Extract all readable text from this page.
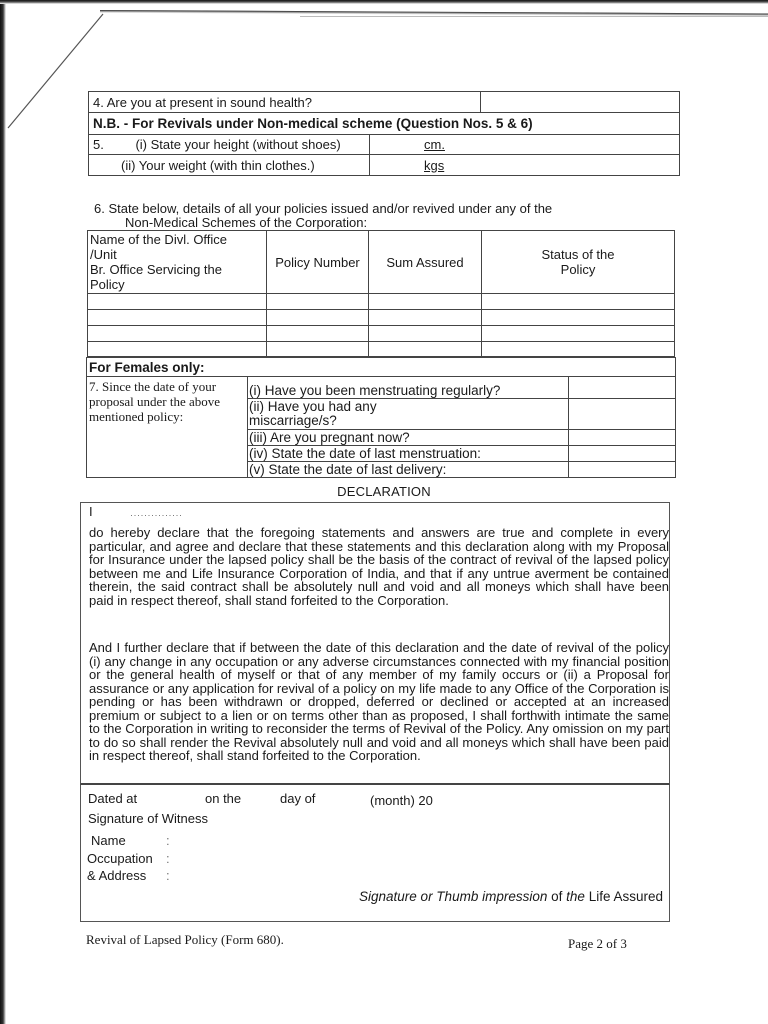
4. Are you at present in sound health?		
N.B. - For Revivals under Non-medical scheme (Question Nos. 5 & 6)		
5. (i) State your height (without shoes)	cm.	
(ii) Your weight (with thin clothes.)	kgs	
6. State below, details of all your policies issued and/or revived under any of the
Non-Medical Schemes of the Corporation:
Name of the Divl. Office
/Unit
Br. Office Servicing the
Policy
	Policy Number	Sum Assured	Status of the
Policy

For Females only:		

7. Since the date of your
proposal under the above
mentioned policy:	(i) Have you been menstruating regularly?	

	(ii) Have you had any
miscarriage/s?	

	(iii) Are you pregnant now?	
	(iv) State the date of last menstruation:	
	(v) State the date of last delivery:	
DECLARATION
I	...............
do hereby declare that the foregoing statements and answers are true and complete in every particular, and agree and declare that these statements and this declaration along with my Proposal for Insurance under the lapsed policy shall be the basis of the contract of revival of the lapsed policy between me and Life Insurance Corporation of India, and that if any untrue averment be contained therein, the said contract shall be absolutely null and void and all moneys which shall have been paid in respect thereof, shall stand forfeited to the Corporation.
And I further declare that if between the date of this declaration and the date of revival of the policy (i) any change in any occupation or any adverse circumstances connected with my financial position or the general health of myself or that of any member of my family occurs or (ii) a Proposal for assurance or any application for revival of a policy on my life made to any Office of the Corporation is pending or has been withdrawn or dropped, deferred or declined or accepted at an increased premium or subject to a lien or on terms other than as proposed, I shall forthwith intimate the same to the Corporation in writing to reconsider the terms of Revival of the Policy. Any omission on my part to do so shall render the Revival absolutely null and void and all moneys which shall have been paid in respect thereof, shall stand forfeited to the Corporation.
Dated at	on the	day of	(month) 20
Signature of Witness
Name	:
Occupation :
& Address :
Signature or Thumb impression of the Life Assured
Revival of Lapsed Policy (Form 680).	Page 2 of 3
